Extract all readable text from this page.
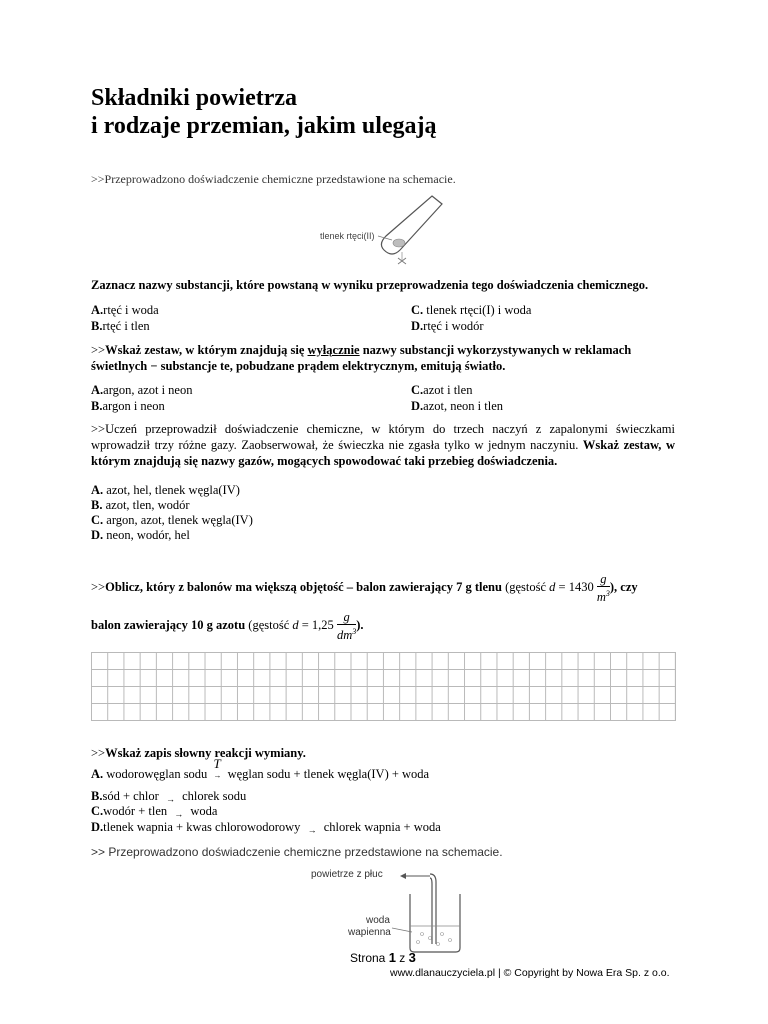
Składniki powietrza
i rodzaje przemian, jakim ulegają
>>Przeprowadzono doświadczenie chemiczne przedstawione na schemacie.
tlenek rtęci(II)
Zaznacz nazwy substancji, które powstaną w wyniku przeprowadzenia tego doświadczenia chemicznego.
A.rtęć i woda
B.rtęć i tlen
C. tlenek rtęci(I) i woda
D.rtęć i wodór
>>Wskaż zestaw, w którym znajdują się wyłącznie nazwy substancji wykorzystywanych w reklamach świetlnych − substancje te, pobudzane prądem elektrycznym, emitują światło.
A.argon, azot i neon
B.argon i neon
C.azot i tlen
D.azot, neon i tlen
>>Uczeń przeprowadził doświadczenie chemiczne, w którym do trzech naczyń z zapalonymi świeczkami wprowadził trzy różne gazy. Zaobserwował, że świeczka nie zgasła tylko w jednym naczyniu. Wskaż zestaw, w którym znajdują się nazwy gazów, mogących spowodować taki przebieg doświadczenia.
A. azot, hel, tlenek węgla(IV)
B. azot, tlen, wodór
C. argon, azot, tlenek węgla(IV)
D. neon, wodór, hel
>>Oblicz, który z balonów ma większą objętość – balon zawierający 7 g tlenu (gęstość $d = 1430 \frac{g}{m^3}$ ), czy
balon zawierający 10 g azotu (gęstość $d = 1,25 \frac{g}{dm^3}$ ).
>>Wskaż zapis słowny reakcji wymiany.
A. wodorowęglan sodu
T
→ węglan sodu + tlenek węgla(IV) + woda
B.sód + chlor → chlorek sodu
C.wodór + tlen → woda
D.tlenek wapnia + kwas chlorowodorowy → chlorek wapnia + woda
>> Przeprowadzono doświadczenie chemiczne przedstawione na schemacie.
powietrze z płuc
woda
wapienna
Strona 1 z 3
www.dlanauczyciela.pl | © Copyright by Nowa Era Sp. z o.o.
